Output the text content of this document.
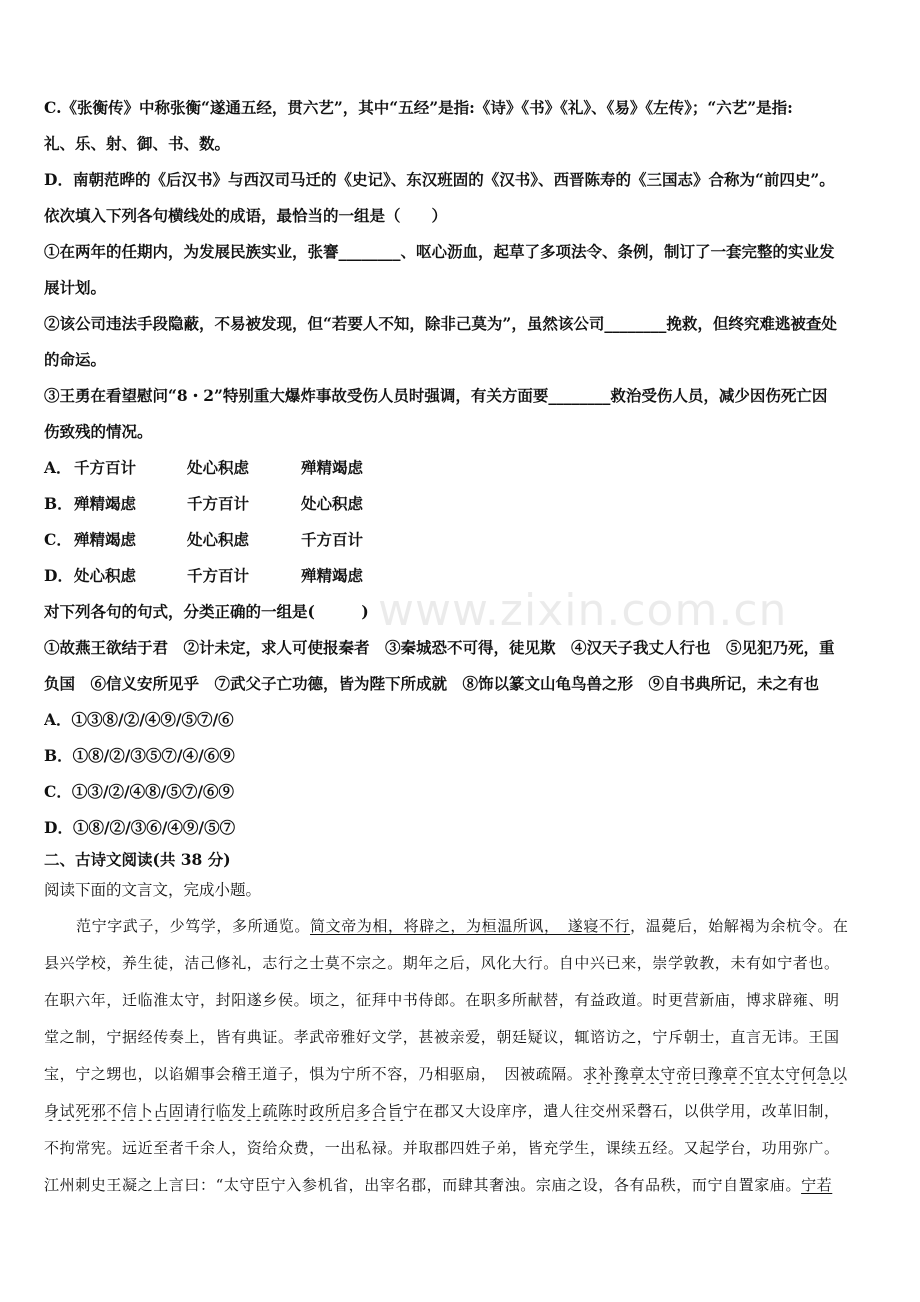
www.zixin.com.cn
C.《张衡传》中称张衡“遂通五经，贯六艺”，其中“五经”是指:《诗》《书》《礼》、《易》《左传》；“六艺”是指:
礼、乐、射、御、书、数。
D．南朝范晔的《后汉书》与西汉司马迁的《史记》、东汉班固的《汉书》、西晋陈寿的《三国志》合称为“前四史”。
依次填入下列各句横线处的成语，最恰当的一组是（　　）
①在两年的任期内，为发展民族实业，张謇________、呕心沥血，起草了多项法令、条例，制订了一套完整的实业发
展计划。
②该公司违法手段隐蔽，不易被发现，但“若要人不知，除非己莫为”，虽然该公司________挽救，但终究难逃被查处
的命运。
③王勇在看望慰问“8・2”特别重大爆炸事故受伤人员时强调，有关方面要________救治受伤人员，减少因伤死亡因
伤致残的情况。
A． 千方百计	处心积虑	殚精竭虑
B．殚精竭虑	千方百计	处心积虑
C． 殚精竭虑	处心积虑	千方百计
D．处心积虑	千方百计	殚精竭虑
对下列各句的句式，分类正确的一组是(　　　)
①故燕王欲结于君　②计未定，求人可使报秦者　③秦城恐不可得，徒见欺　④汉天子我丈人行也　⑤见犯乃死，重
负国　⑥信义安所见乎　⑦武父子亡功德，皆为陛下所成就　⑧饰以篆文山龟鸟兽之形　⑨自书典所记，未之有也
A．①③⑧/②/④⑨/⑤⑦/⑥
B．①⑧/②/③⑤⑦/④/⑥⑨
C．①③/②/④⑧/⑤⑦/⑥⑨
D．①⑧/②/③⑥/④⑨/⑤⑦
二、古诗文阅读(共 38 分)
阅读下面的文言文，完成小题。
范宁字武子，少笃学，多所通览。简文帝为相，将辟之，为桓温所讽，　遂寝不行，温薨后，始解褐为余杭令。在
县兴学校，养生徒，洁己修礼，志行之士莫不宗之。期年之后，风化大行。自中兴已来，崇学敦教，未有如宁者也。
在职六年，迁临淮太守，封阳遂乡侯。顷之，征拜中书侍郎。在职多所献替，有益政道。时更营新庙，博求辟雍、明
堂之制，宁据经传奏上，皆有典证。孝武帝雅好文学，甚被亲爱，朝廷疑议，辄谘访之，宁斥朝士，直言无讳。王国
宝，宁之甥也，以谄媚事会稽王道子，惧为宁所不容，乃相驱扇，　因被疏隔。求补豫章太守帝曰豫章不宜太守何急以
身试死邪不信卜占固请行临发上疏陈时政所启多合旨宁在郡又大设庠序，遣人往交州采磬石，以供学用，改革旧制，
不拘常宪。远近至者千余人，资给众费，一出私禄。并取郡四姓子弟，皆充学生，课续五经。又起学台，功用弥广。
江州刺史王凝之上言曰：“太守臣宁入参机省，出宰名郡，而肆其奢浊。宗庙之设，各有品秩，而宁自置家庙。宁若
